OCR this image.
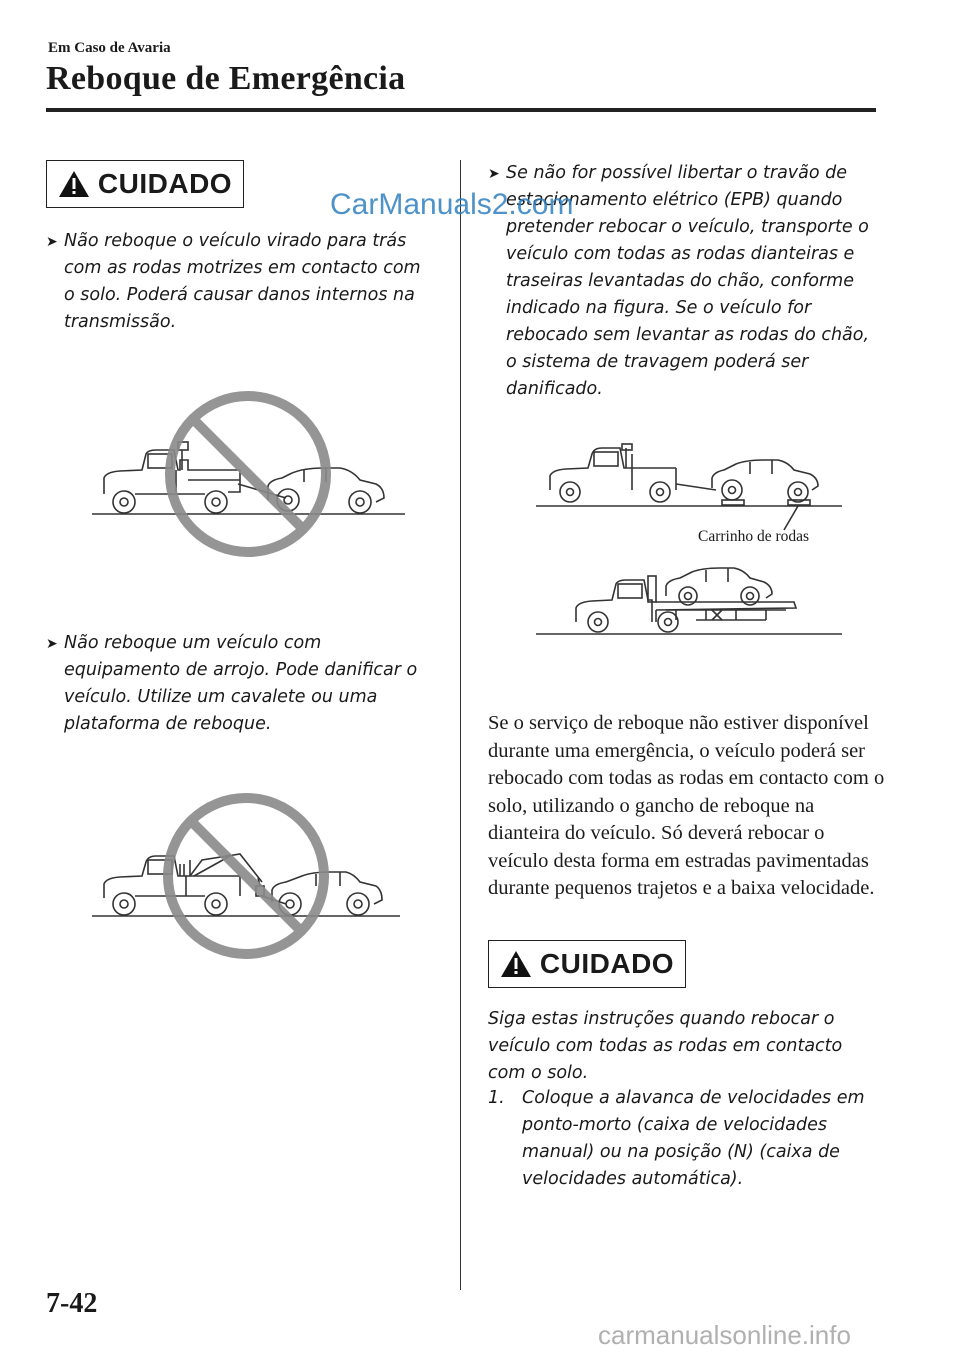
Em Caso de Avaria
Reboque de Emergência
CUIDADO
➤ Não reboque o veículo virado para trás com as rodas motrizes em contacto com o solo. Poderá causar danos internos na transmissão.
➤ Não reboque um veículo com equipamento de arrojo. Pode danificar o veículo. Utilize um cavalete ou uma plataforma de reboque.
➤ Se não for possível libertar o travão de estacionamento elétrico (EPB) quando pretender rebocar o veículo, transporte o veículo com todas as rodas dianteiras e traseiras levantadas do chão, conforme indicado na figura. Se o veículo for rebocado sem levantar as rodas do chão, o sistema de travagem poderá ser danificado.
Carrinho de rodas
Se o serviço de reboque não estiver disponível durante uma emergência, o veículo poderá ser rebocado com todas as rodas em contacto com o solo, utilizando o gancho de reboque na dianteira do veículo. Só deverá rebocar o veículo desta forma em estradas pavimentadas durante pequenos trajetos e a baixa velocidade.
CUIDADO
Siga estas instruções quando rebocar o veículo com todas as rodas em contacto com o solo.
1. Coloque a alavanca de velocidades em ponto-morto (caixa de velocidades manual) ou na posição (N) (caixa de velocidades automática).
CarManuals2.com
carmanualsonline.info
7-42
